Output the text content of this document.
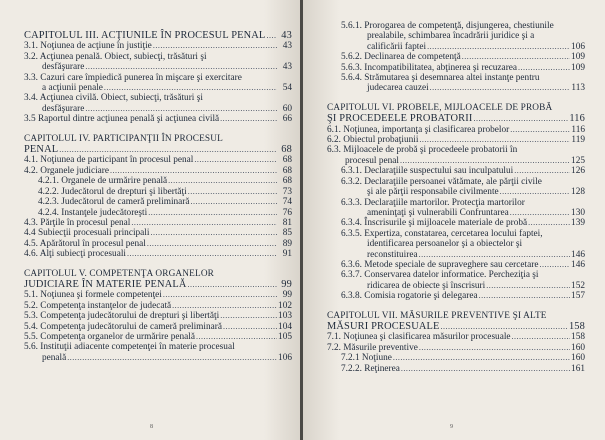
CAPITOLUL III. ACŢIUNILE ÎN PROCESUL PENAL .....	43
3.1. Noţiunea de acţiune în justiţie .....	43
3.2. Acţiunea penală. Obiect, subiecţi, trăsături şi
desfăşurare .....	43
3.3. Cazuri care împiedică punerea în mişcare şi exercitare
a acţiunii penale .....	54
3.4. Acţiunea civilă. Obiect, subiecţi, trăsături şi
desfăşurare .....	60
3.5 Raportul dintre acţiunea penală şi acţiunea civilă .....	66
CAPITOLUL IV. PARTICIPANŢII ÎN PROCESUL
PENAL .....	68
4.1. Noţiunea de participant în procesul penal .....	68
4.2. Organele judiciare .....	68
4.2.1. Organele de urmărire penală .....	68
4.2.2. Judecătorul de drepturi şi libertăţi .....	73
4.2.3. Judecătorul de cameră preliminară .....	74
4.2.4. Instanţele judecătoreşti .....	76
4.3. Părţile în procesul penal .....	81
4.4 Subiecţii procesuali principali .....	85
4.5. Apărătorul în procesul penal .....	89
4.6. Alţi subiecţi procesuali .....	91
CAPITOLUL V. COMPETENŢA ORGANELOR
JUDICIARE ÎN MATERIE PENALĂ .....	99
5.1. Noţiunea şi formele competenţei .....	99
5.2. Competenţa instanţelor de judecată .....	102
5.3. Competenţa judecătorului de drepturi şi libertăţi .....	103
5.4. Competenţa judecătorului de cameră preliminară .....	104
5.5. Competenţa organelor de urmărire penală .....	105
5.6. Instituţii adiacente competenţei în materie procesual
penală .....	106
8
5.6.1. Prorogarea de competenţă, disjungerea, chestiunile
prealabile, schimbarea încadrării juridice şi a
calificării faptei .....	106
5.6.2. Declinarea de competenţă .....	109
5.6.3. Incompatibilitatea, abţinerea şi recuzarea .....	109
5.6.4. Strămutarea şi desemnarea altei instanţe pentru
judecarea cauzei .....	113
CAPITOLUL VI. PROBELE, MIJLOACELE DE PROBĂ
ŞI PROCEDEELE PROBATORII .....	116
6.1. Noţiunea, importanţa şi clasificarea probelor .....	116
6.2. Obiectul probaţiunii .....	119
6.3. Mijloacele de probă şi procedeele probatorii în
procesul penal .....	125
6.3.1. Declaraţiile suspectului sau inculpatului .....	126
6.3.2. Declaraţiile persoanei vătămate, ale părţii civile
şi ale părţii responsabile civilmente .....	128
6.3.3. Declaraţiile martorilor. Protecţia martorilor
ameninţaţi şi vulnerabili Confruntarea .....	130
6.3.4. Înscrisurile şi mijloacele materiale de probă .....	139
6.3.5. Expertiza, constatarea, cercetarea locului faptei,
identificarea persoanelor şi a obiectelor şi
reconstituirea .....	146
6.3.6. Metode speciale de supraveghere sau cercetare .....	146
6.3.7. Conservarea datelor informatice. Percheziţia şi
ridicarea de obiecte şi înscrisuri .....	152
6.3.8. Comisia rogatorie şi delegarea .....	157
CAPITOLUL VII. MĂSURILE PREVENTIVE ŞI ALTE
MĂSURI PROCESUALE .....	158
7.1. Noţiunea şi clasificarea măsurilor procesuale .....	158
7.2. Măsurile preventive .....	160
7.2.1 Noţiune .....	160
7.2.2. Reţinerea .....	161
9
